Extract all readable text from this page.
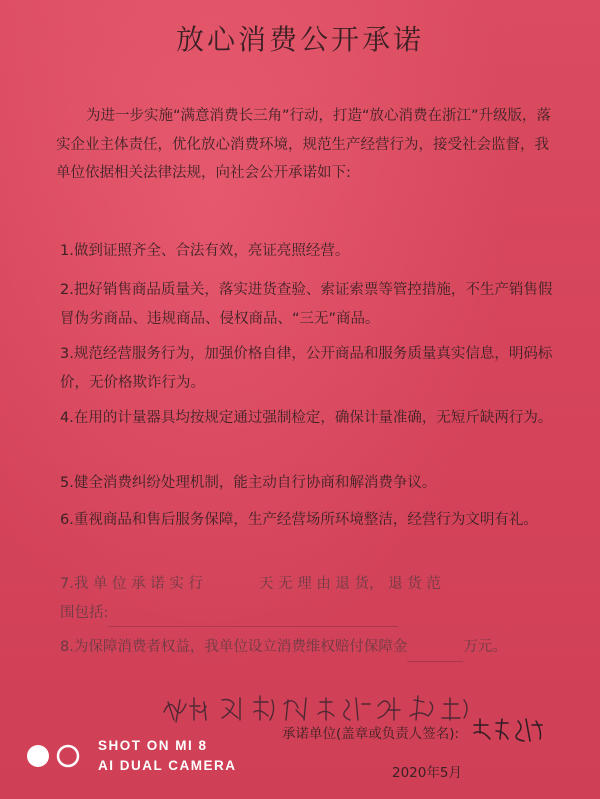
放心消费公开承诺
为进一步实施“满意消费长三角”行动，打造“放心消费在浙江”升级版，落实企业主体责任，优化放心消费环境，规范生产经营行为，接受社会监督，我单位依据相关法律法规，向社会公开承诺如下:
1.做到证照齐全、合法有效，亮证亮照经营。
2.把好销售商品质量关，落实进货查验、索证索票等管控措施，不生产销售假冒伪劣商品、违规商品、侵权商品、“三无”商品。
3.规范经营服务行为，加强价格自律，公开商品和服务质量真实信息，明码标价，无价格欺诈行为。
4.在用的计量器具均按规定通过强制检定，确保计量准确，无短斤缺两行为。
5.健全消费纠纷处理机制，能主动自行协商和解消费争议。
6.重视商品和售后服务保障，生产经营场所环境整洁，经营行为文明有礼。
7.我 单 位 承 诺 实 行	天 无 理 由 退 货， 退 货 范
围包括:
8.为保障消费者权益，我单位设立消费维权赔付保障金	万元。
承诺单位(盖章或负责人签名):
2020年5月
SHOT ON MI 8
AI DUAL CAMERA
